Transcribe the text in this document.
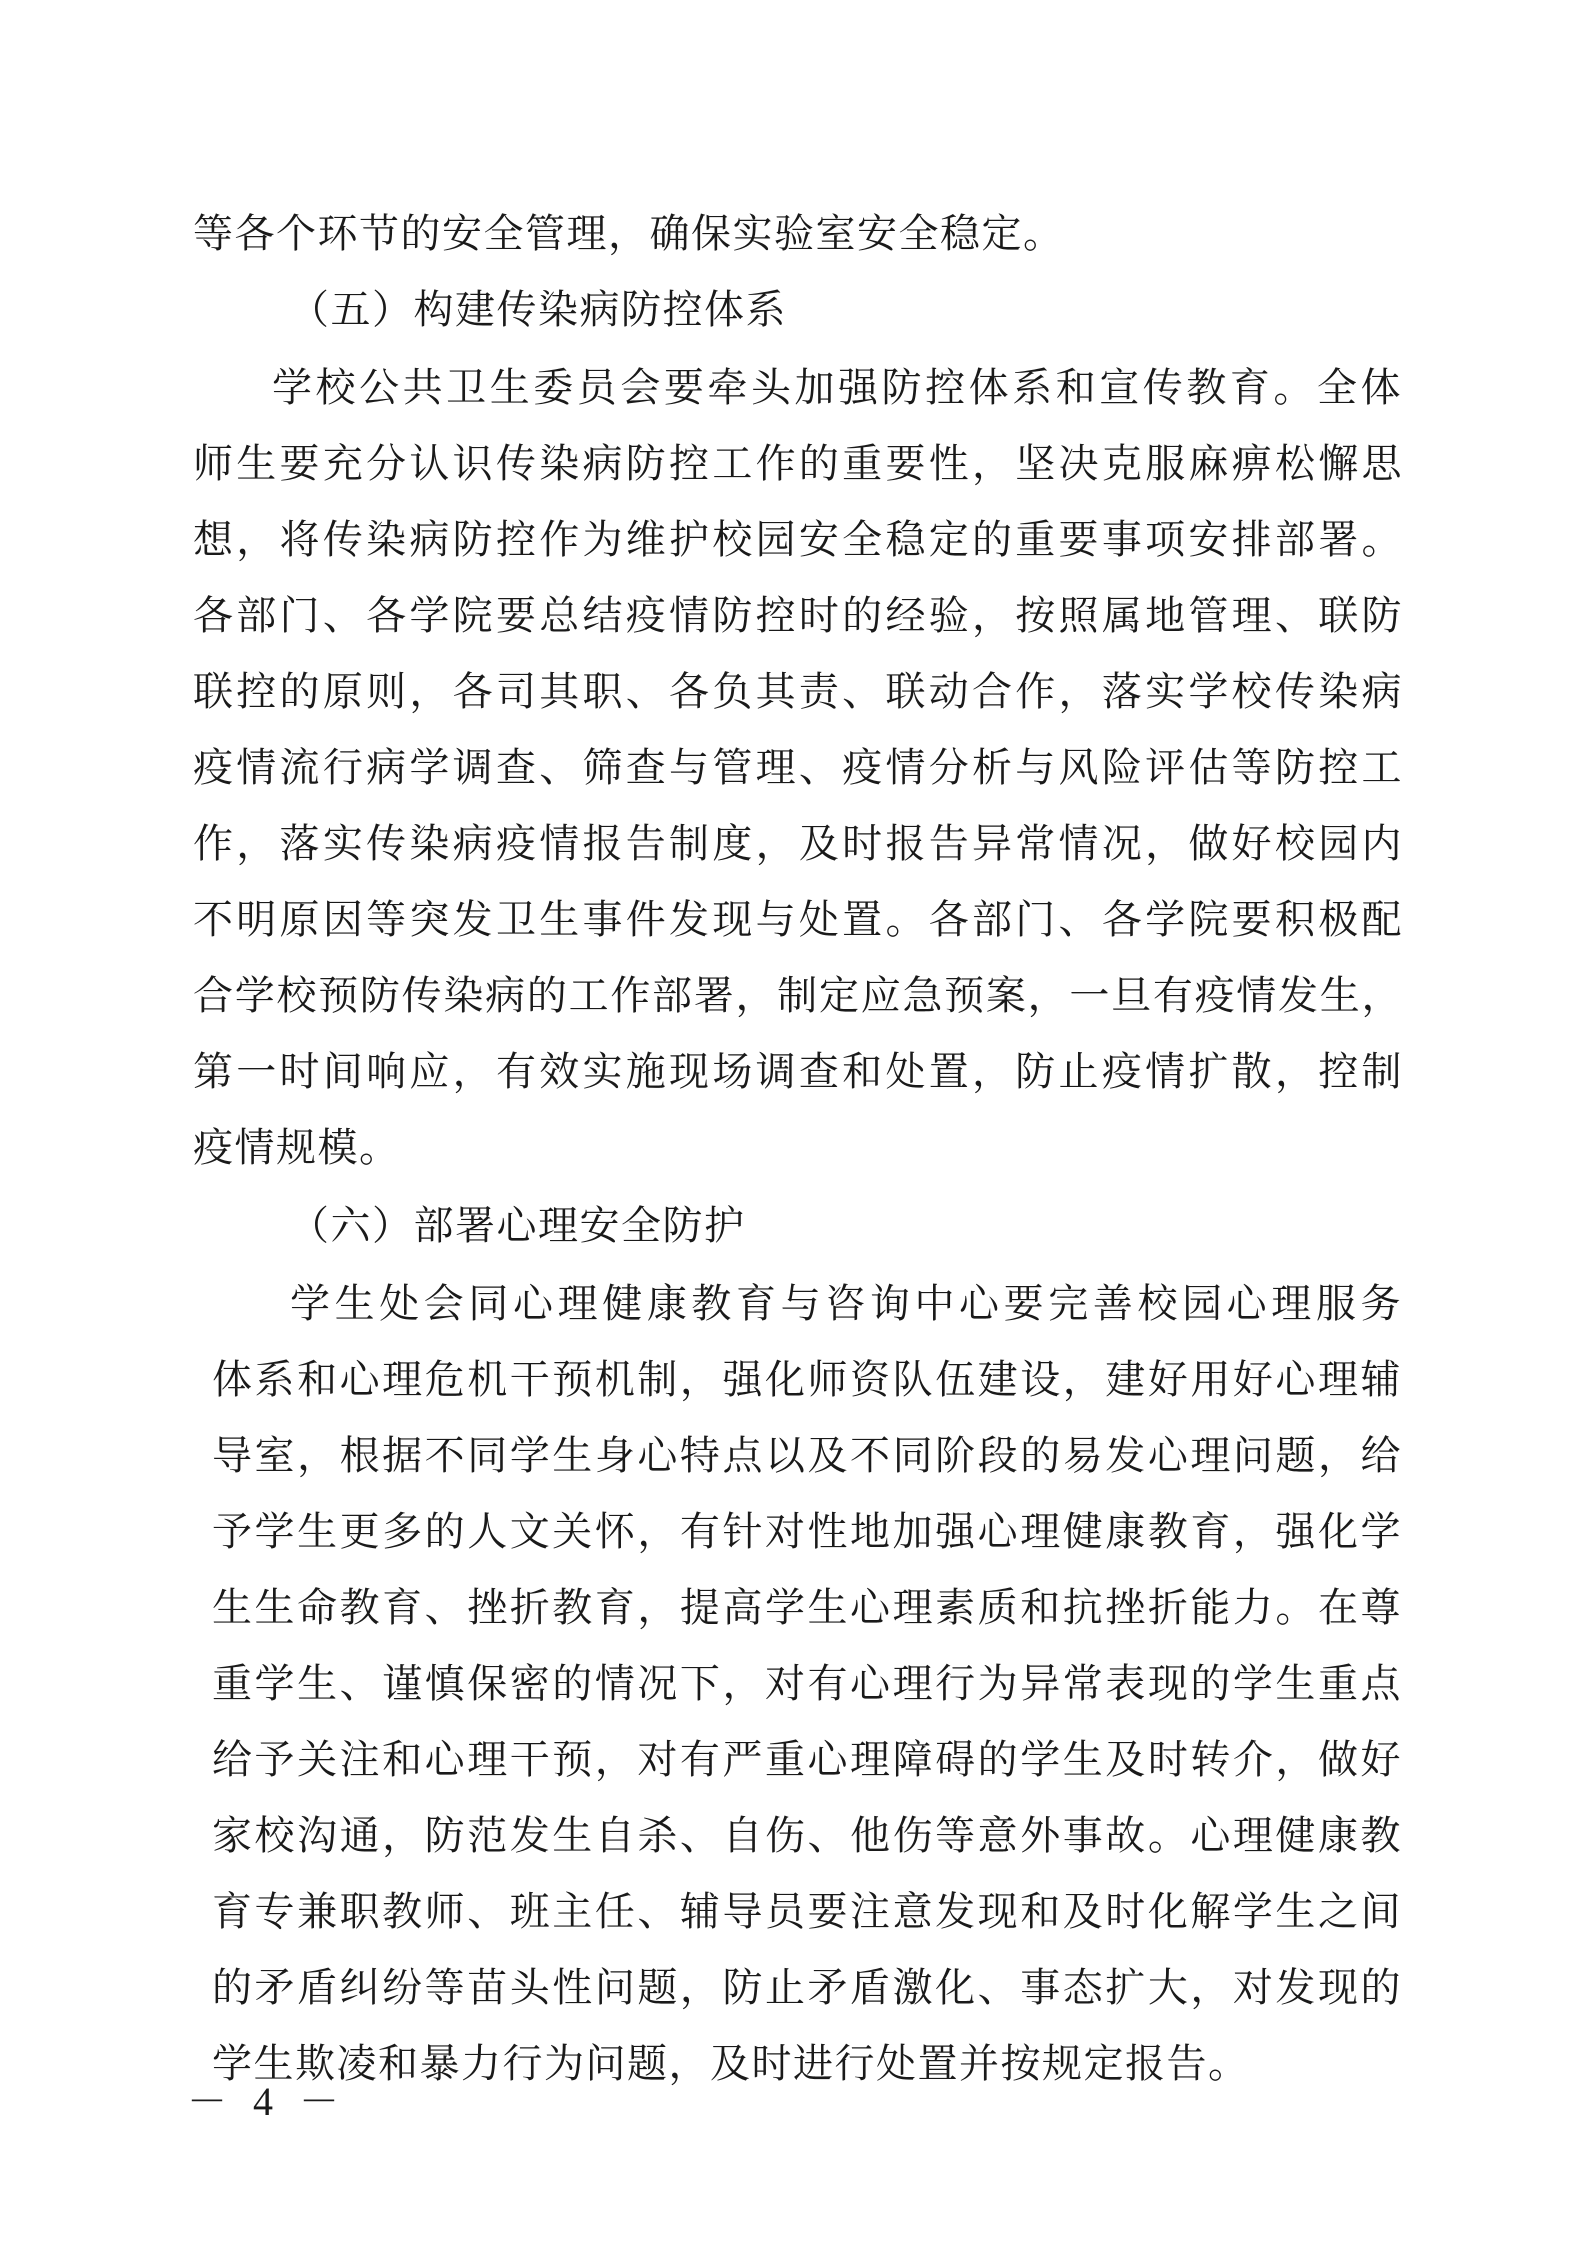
等各个环节的安全管理，确保实验室安全稳定。
（五）构建传染病防控体系
学校公共卫生委员会要牵头加强防控体系和宣传教育。全体
师生要充分认识传染病防控工作的重要性，坚决克服麻痹松懈思
想，将传染病防控作为维护校园安全稳定的重要事项安排部署。
各部门、各学院要总结疫情防控时的经验，按照属地管理、联防
联控的原则，各司其职、各负其责、联动合作，落实学校传染病
疫情流行病学调查、筛查与管理、疫情分析与风险评估等防控工
作，落实传染病疫情报告制度，及时报告异常情况，做好校园内
不明原因等突发卫生事件发现与处置。各部门、各学院要积极配
合学校预防传染病的工作部署，制定应急预案，一旦有疫情发生，
第一时间响应，有效实施现场调查和处置，防止疫情扩散，控制
疫情规模。
（六）部署心理安全防护
学生处会同心理健康教育与咨询中心要完善校园心理服务
体系和心理危机干预机制，强化师资队伍建设，建好用好心理辅
导室，根据不同学生身心特点以及不同阶段的易发心理问题，给
予学生更多的人文关怀，有针对性地加强心理健康教育，强化学
生生命教育、挫折教育，提高学生心理素质和抗挫折能力。在尊
重学生、谨慎保密的情况下，对有心理行为异常表现的学生重点
给予关注和心理干预，对有严重心理障碍的学生及时转介，做好
家校沟通，防范发生自杀、自伤、他伤等意外事故。心理健康教
育专兼职教师、班主任、辅导员要注意发现和及时化解学生之间
的矛盾纠纷等苗头性问题，防止矛盾激化、事态扩大，对发现的
学生欺凌和暴力行为问题，及时进行处置并按规定报告。
－ 4 －
